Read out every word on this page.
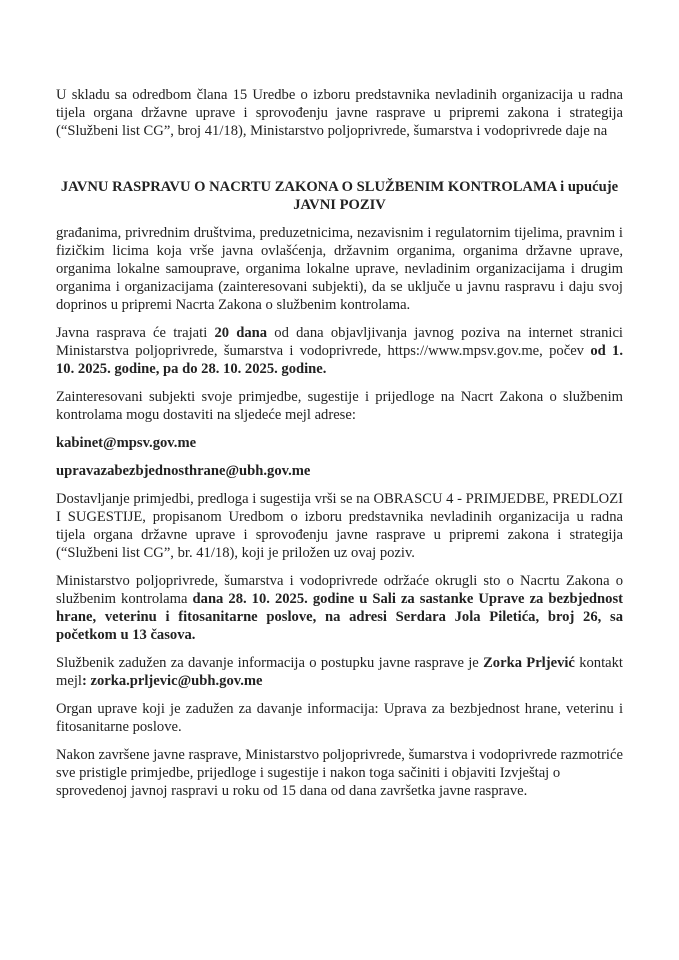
U skladu sa odredbom člana 15 Uredbe o izboru predstavnika nevladinih organizacija u radna tijela organa državne uprave i sprovođenju javne rasprave u pripremi zakona i strategija (“Službeni list CG”, broj 41/18), Ministarstvo poljoprivrede, šumarstva i vodoprivrede daje na

JAVNU RASPRAVU O NACRTU ZAKONA O SLUŽBENIM KONTROLAMA i upućuje
JAVNI POZIV

građanima, privrednim društvima, preduzetnicima, nezavisnim i regulatornim tijelima, pravnim i fizičkim licima koja vrše javna ovlašćenja, državnim organima, organima državne uprave, organima lokalne samouprave, organima lokalne uprave, nevladinim organizacijama i drugim organima i organizacijama (zainteresovani subjekti), da se uključe u javnu raspravu i daju svoj doprinos u pripremi Nacrta Zakona o službenim kontrolama.

Javna rasprava će trajati 20 dana od dana objavljivanja javnog poziva na internet stranici Ministarstva poljoprivrede, šumarstva i vodoprivrede, https://www.mpsv.gov.me, počev od 1. 10. 2025. godine, pa do 28. 10. 2025. godine.

Zainteresovani subjekti svoje primjedbe, sugestije i prijedloge na Nacrt Zakona o službenim kontrolama mogu dostaviti na sljedeće mejl adrese:

kabinet@mpsv.gov.me

upravazabezbjednosthrane@ubh.gov.me

Dostavljanje primjedbi, predloga i sugestija vrši se na OBRASCU 4 - PRIMJEDBE, PREDLOZI I SUGESTIJE, propisanom Uredbom o izboru predstavnika nevladinih organizacija u radna tijela organa državne uprave i sprovođenju javne rasprave u pripremi zakona i strategija (“Službeni list CG”, br. 41/18), koji je priložen uz ovaj poziv.

Ministarstvo poljoprivrede, šumarstva i vodoprivrede održaće okrugli sto o Nacrtu Zakona o službenim kontrolama dana 28. 10. 2025. godine u Sali za sastanke Uprave za bezbjednost hrane, veterinu i fitosanitarne poslove, na adresi Serdara Jola Piletića, broj 26, sa početkom u 13 časova.

Službenik zadužen za davanje informacija o postupku javne rasprave je Zorka Prljević kontakt mejl: zorka.prljevic@ubh.gov.me

Organ uprave koji je zadužen za davanje informacija: Uprava za bezbjednost hrane, veterinu i fitosanitarne poslove.

Nakon završene javne rasprave, Ministarstvo poljoprivrede, šumarstva i vodoprivrede razmotriće sve pristigle primjedbe, prijedloge i sugestije i nakon toga sačiniti i objaviti Izvještaj o sprovedenoj javnoj raspravi u roku od 15 dana od dana završetka javne rasprave.
